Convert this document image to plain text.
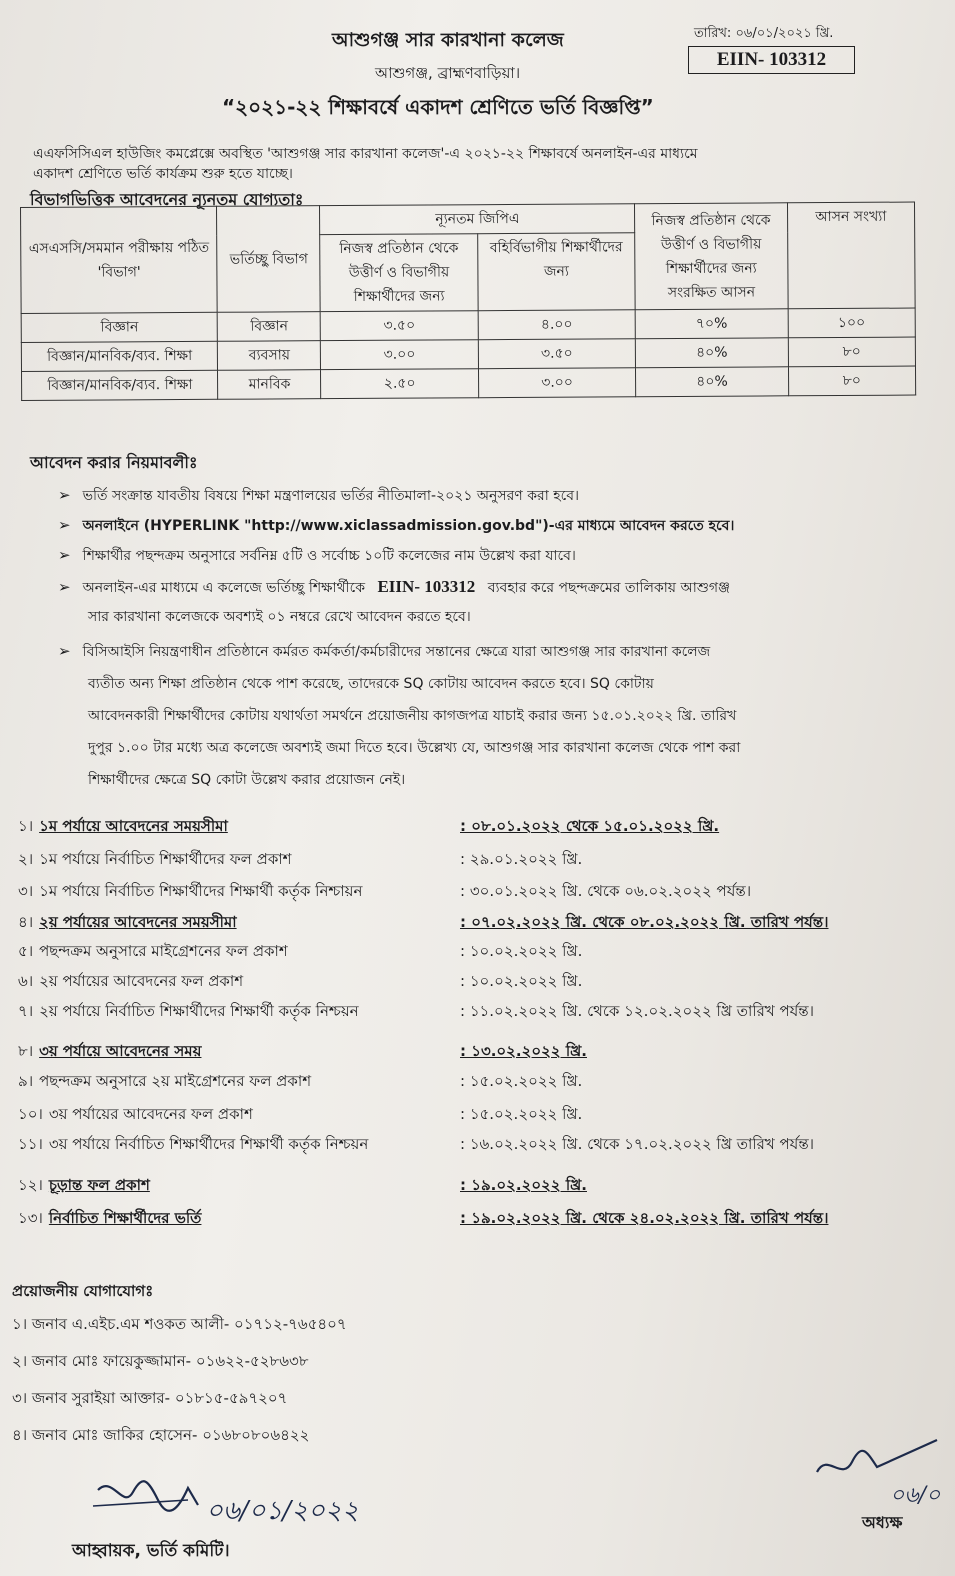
আশুগঞ্জ সার কারখানা কলেজ	তারিখ: ০৬/০১/২০২১ খ্রি.
EIIN- 103312
আশুগঞ্জ, ব্রাহ্মণবাড়িয়া।
“২০২১-২২ শিক্ষাবর্ষে একাদশ শ্রেণিতে ভর্তি বিজ্ঞপ্তি”
এএফসিসিএল হাউজিং কমপ্লেক্সে অবস্থিত 'আশুগঞ্জ সার কারখানা কলেজ'-এ ২০২১-২২ শিক্ষাবর্ষে অনলাইন-এর মাধ্যমে
একাদশ শ্রেণিতে ভর্তি কার্যক্রম শুরু হতে যাচ্ছে।
বিভাগভিত্তিক আবেদনের ন্যূনতম যোগ্যতাঃ
এসএসসি/সমমান পরীক্ষায় পঠিত 'বিভাগ'	ভর্তিচ্ছু বিভাগ	ন্যূনতম জিপিএ		নিজস্ব প্রতিষ্ঠান থেকে উত্তীর্ণ ও বিভাগীয় শিক্ষার্থীদের জন্য সংরক্ষিত আসন	আসন সংখ্যা
		নিজস্ব প্রতিষ্ঠান থেকে উত্তীর্ণ ও বিভাগীয় শিক্ষার্থীদের জন্য	বহির্বিভাগীয় শিক্ষার্থীদের জন্য		
বিজ্ঞান	বিজ্ঞান	৩.৫০	৪.০০	৭০%	১০০
বিজ্ঞান/মানবিক/ব্যব. শিক্ষা	ব্যবসায়	৩.০০	৩.৫০	৪০%	৮০
বিজ্ঞান/মানবিক/ব্যব. শিক্ষা	মানবিক	২.৫০	৩.০০	৪০%	৮০
আবেদন করার নিয়মাবলীঃ
➢ ভর্তি সংক্রান্ত যাবতীয় বিষয়ে শিক্ষা মন্ত্রণালয়ের ভর্তির নীতিমালা-২০২১ অনুসরণ করা হবে।
➢ অনলাইনে (HYPERLINK "http://www.xiclassadmission.gov.bd")-এর মাধ্যমে আবেদন করতে হবে।
➢ শিক্ষার্থীর পছন্দক্রম অনুসারে সর্বনিম্ন ৫টি ও সর্বোচ্চ ১০টি কলেজের নাম উল্লেখ করা যাবে।
➢ অনলাইন-এর মাধ্যমে এ কলেজে ভর্তিচ্ছু শিক্ষার্থীকে EIIN- 103312 ব্যবহার করে পছন্দক্রমের তালিকায় আশুগঞ্জ
সার কারখানা কলেজকে অবশ্যই ০১ নম্বরে রেখে আবেদন করতে হবে।
➢ বিসিআইসি নিয়ন্ত্রণাধীন প্রতিষ্ঠানে কর্মরত কর্মকর্তা/কর্মচারীদের সন্তানের ক্ষেত্রে যারা আশুগঞ্জ সার কারখানা কলেজ
ব্যতীত অন্য শিক্ষা প্রতিষ্ঠান থেকে পাশ করেছে, তাদেরকে SQ কোটায় আবেদন করতে হবে। SQ কোটায়
আবেদনকারী শিক্ষার্থীদের কোটায় যথার্থতা সমর্থনে প্রয়োজনীয় কাগজপত্র যাচাই করার জন্য ১৫.০১.২০২২ খ্রি. তারিখ
দুপুর ১.০০ টার মধ্যে অত্র কলেজে অবশ্যই জমা দিতে হবে। উল্লেখ্য যে, আশুগঞ্জ সার কারখানা কলেজ থেকে পাশ করা
শিক্ষার্থীদের ক্ষেত্রে SQ কোটা উল্লেখ করার প্রয়োজন নেই।
১। ১ম পর্যায়ে আবেদনের সময়সীমা	: ০৮.০১.২০২২ থেকে ১৫.০১.২০২২ খ্রি.
২। ১ম পর্যায়ে নির্বাচিত শিক্ষার্থীদের ফল প্রকাশ	: ২৯.০১.২০২২ খ্রি.
৩। ১ম পর্যায়ে নির্বাচিত শিক্ষার্থীদের শিক্ষার্থী কর্তৃক নিশ্চায়ন	: ৩০.০১.২০২২ খ্রি. থেকে ০৬.০২.২০২২ পর্যন্ত।
৪। ২য় পর্যায়ের আবেদনের সময়সীমা	: ০৭.০২.২০২২ খ্রি. থেকে ০৮.০২.২০২২ খ্রি. তারিখ পর্যন্ত।
৫। পছন্দক্রম অনুসারে মাইগ্রেশনের ফল প্রকাশ	: ১০.০২.২০২২ খ্রি.
৬। ২য় পর্যায়ের আবেদনের ফল প্রকাশ	: ১০.০২.২০২২ খ্রি.
৭। ২য় পর্যায়ে নির্বাচিত শিক্ষার্থীদের শিক্ষার্থী কর্তৃক নিশ্চয়ন	: ১১.০২.২০২২ খ্রি. থেকে ১২.০২.২০২২ খ্রি তারিখ পর্যন্ত।
৮। ৩য় পর্যায়ে আবেদনের সময়	: ১৩.০২.২০২২ খ্রি.
৯। পছন্দক্রম অনুসারে ২য় মাইগ্রেশনের ফল প্রকাশ	: ১৫.০২.২০২২ খ্রি.
১০। ৩য় পর্যায়ের আবেদনের ফল প্রকাশ	: ১৫.০২.২০২২ খ্রি.
১১। ৩য় পর্যায়ে নির্বাচিত শিক্ষার্থীদের শিক্ষার্থী কর্তৃক নিশ্চয়ন	: ১৬.০২.২০২২ খ্রি. থেকে ১৭.০২.২০২২ খ্রি তারিখ পর্যন্ত।
১২। চূড়ান্ত ফল প্রকাশ	: ১৯.০২.২০২২ খ্রি.
১৩। নির্বাচিত শিক্ষার্থীদের ভর্তি	: ১৯.০২.২০২২ খ্রি. থেকে ২৪.০২.২০২২ খ্রি. তারিখ পর্যন্ত।
প্রয়োজনীয় যোগাযোগঃ
১। জনাব এ.এইচ.এম শওকত আলী- ০১৭১২-৭৬৫৪০৭
২। জনাব মোঃ ফায়েকুজ্জামান- ০১৬২২-৫২৮৬৩৮
৩। জনাব সুরাইয়া আক্তার- ০১৮১৫-৫৯৭২০৭
৪। জনাব মোঃ জাকির হোসেন- ০১৬৮০৮০৬৪২২
০৬/০১/২০২২
আহ্বায়ক, ভর্তি কমিটি।
০৬/০
অধ্যক্ষ
